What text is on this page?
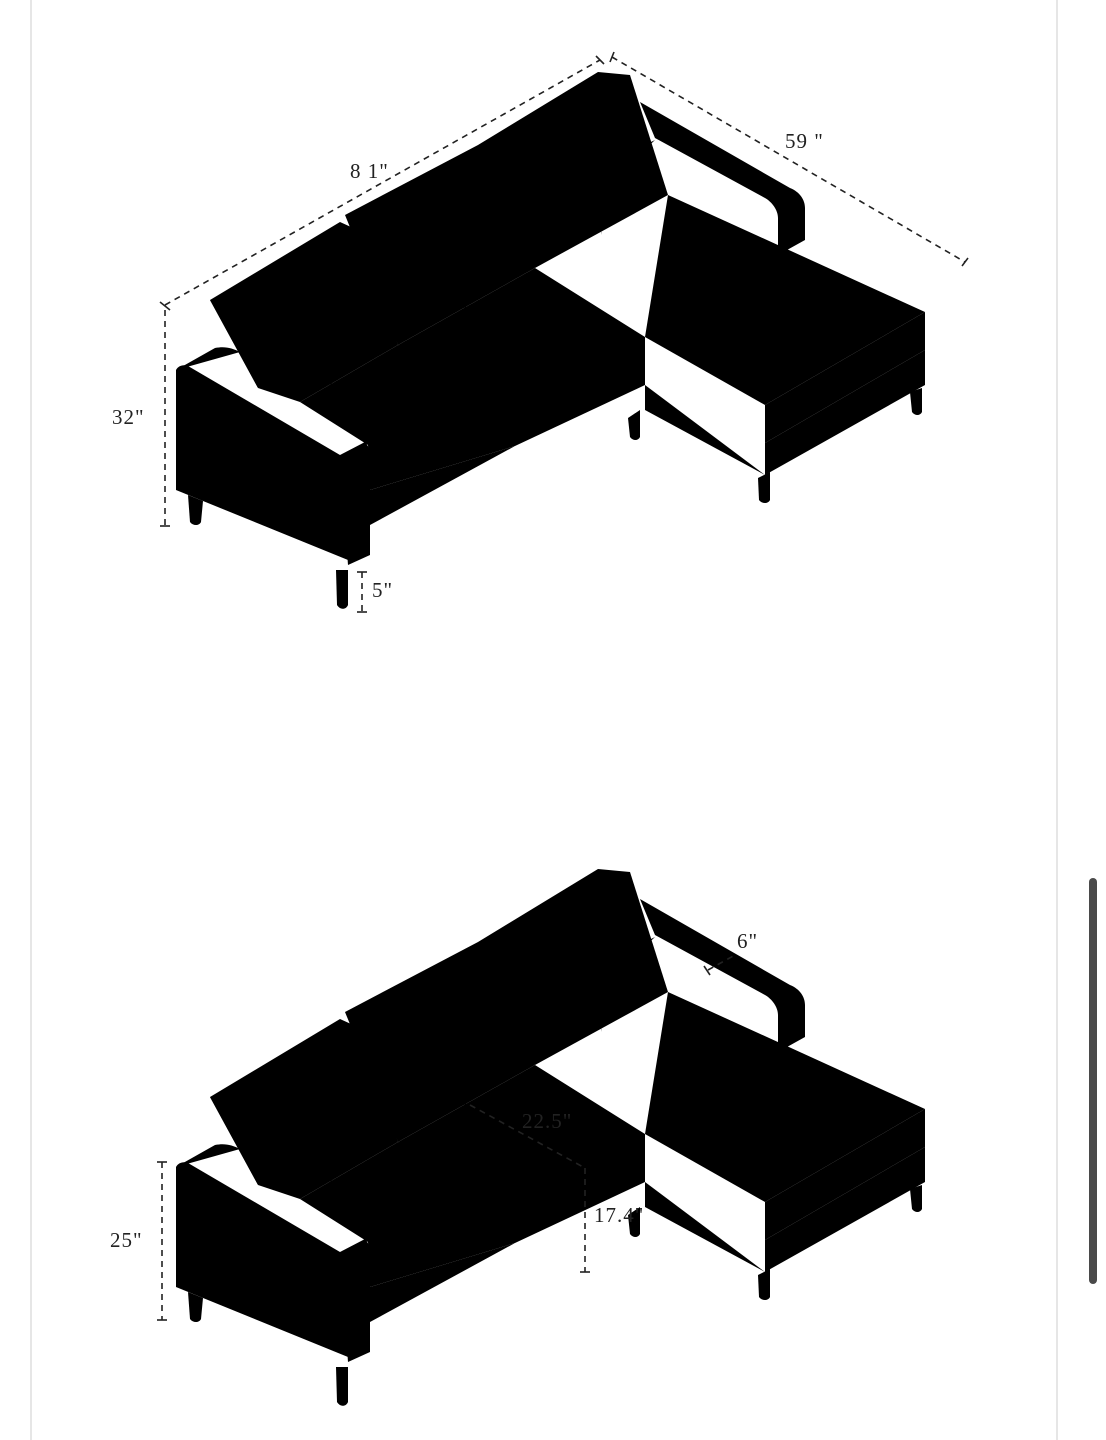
8 1"
59 "
32"
5"
6"
22.5"
17.4"
25"
